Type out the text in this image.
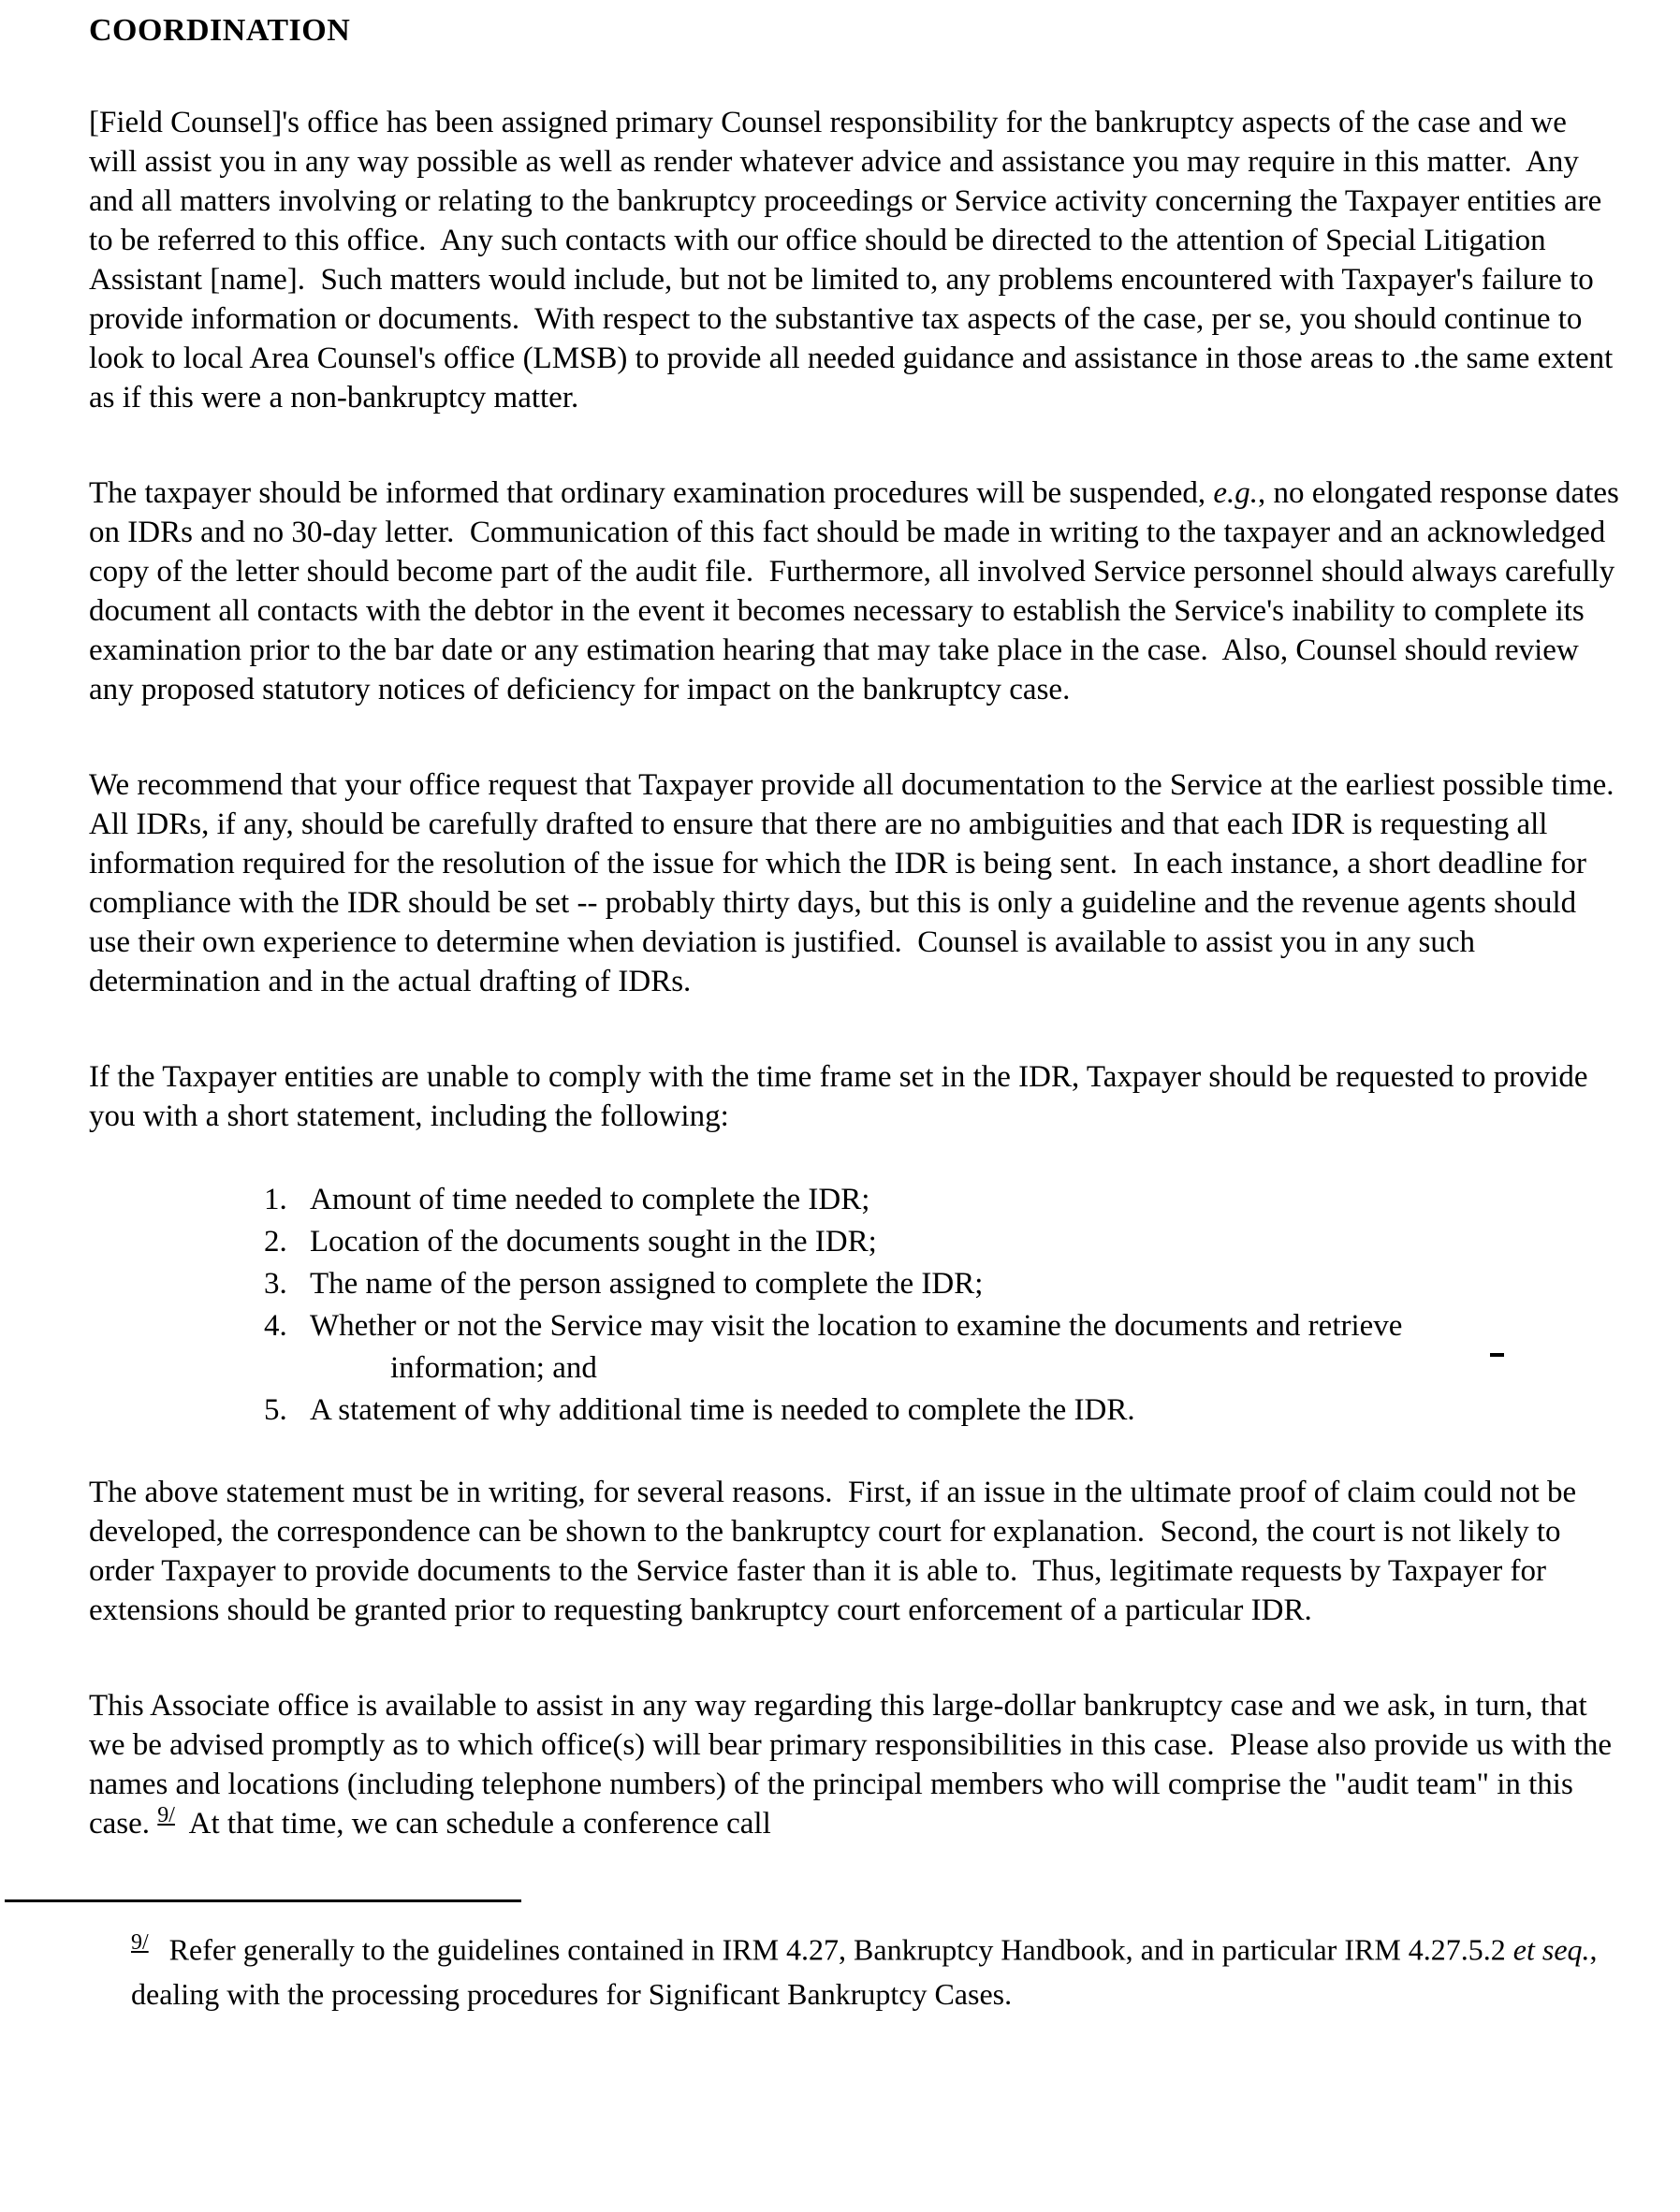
COORDINATION

[Field Counsel]'s office has been assigned primary Counsel responsibility for the bankruptcy aspects of the case and we will assist you in any way possible as well as render whatever advice and assistance you may require in this matter.  Any and all matters involving or relating to the bankruptcy proceedings or Service activity concerning the Taxpayer entities are to be referred to this office.  Any such contacts with our office should be directed to the attention of Special Litigation Assistant [name].  Such matters would include, but not be limited to, any problems encountered with Taxpayer's failure to provide information or documents.  With respect to the substantive tax aspects of the case, per se, you should continue to look to local Area Counsel's office (LMSB) to provide all needed guidance and assistance in those areas to .the same extent as if this were a non-bankruptcy matter.

The taxpayer should be informed that ordinary examination procedures will be suspended, e.g., no elongated response dates on IDRs and no 30-day letter.  Communication of this fact should be made in writing to the taxpayer and an acknowledged copy of the letter should become part of the audit file.  Furthermore, all involved Service personnel should always carefully document all contacts with the debtor in the event it becomes necessary to establish the Service's inability to complete its examination prior to the bar date or any estimation hearing that may take place in the case.  Also, Counsel should review any proposed statutory notices of deficiency for impact on the bankruptcy case.

We recommend that your office request that Taxpayer provide all documentation to the Service at the earliest possible time.  All IDRs, if any, should be carefully drafted to ensure that there are no ambiguities and that each IDR is requesting all information required for the resolution of the issue for which the IDR is being sent.  In each instance, a short deadline for compliance with the IDR should be set -- probably thirty days, but this is only a guideline and the revenue agents should use their own experience to determine when deviation is justified.  Counsel is available to assist you in any such determination and in the actual drafting of IDRs.

If the Taxpayer entities are unable to comply with the time frame set in the IDR, Taxpayer should be requested to provide you with a short statement, including the following:

1. Amount of time needed to complete the IDR;
2. Location of the documents sought in the IDR;
3. The name of the person assigned to complete the IDR;
4. Whether or not the Service may visit the location to examine the documents and retrieve
information; and
5. A statement of why additional time is needed to complete the IDR.

The above statement must be in writing, for several reasons.  First, if an issue in the ultimate proof of claim could not be developed, the correspondence can be shown to the bankruptcy court for explanation.  Second, the court is not likely to order Taxpayer to provide documents to the Service faster than it is able to.  Thus, legitimate requests by Taxpayer for extensions should be granted prior to requesting bankruptcy court enforcement of a particular IDR.

This Associate office is available to assist in any way regarding this large-dollar bankruptcy case and we ask, in turn, that we be advised promptly as to which office(s) will bear primary responsibilities in this case.  Please also provide us with the names and locations (including telephone numbers) of the principal members who will comprise the "audit team" in this case. $^{9/}$  At that time, we can schedule a conference call

$^{9/}$ Refer generally to the guidelines contained in IRM 4.27, Bankruptcy Handbook, and in particular IRM 4.27.5.2 et seq., dealing with the processing procedures for Significant Bankruptcy Cases.
